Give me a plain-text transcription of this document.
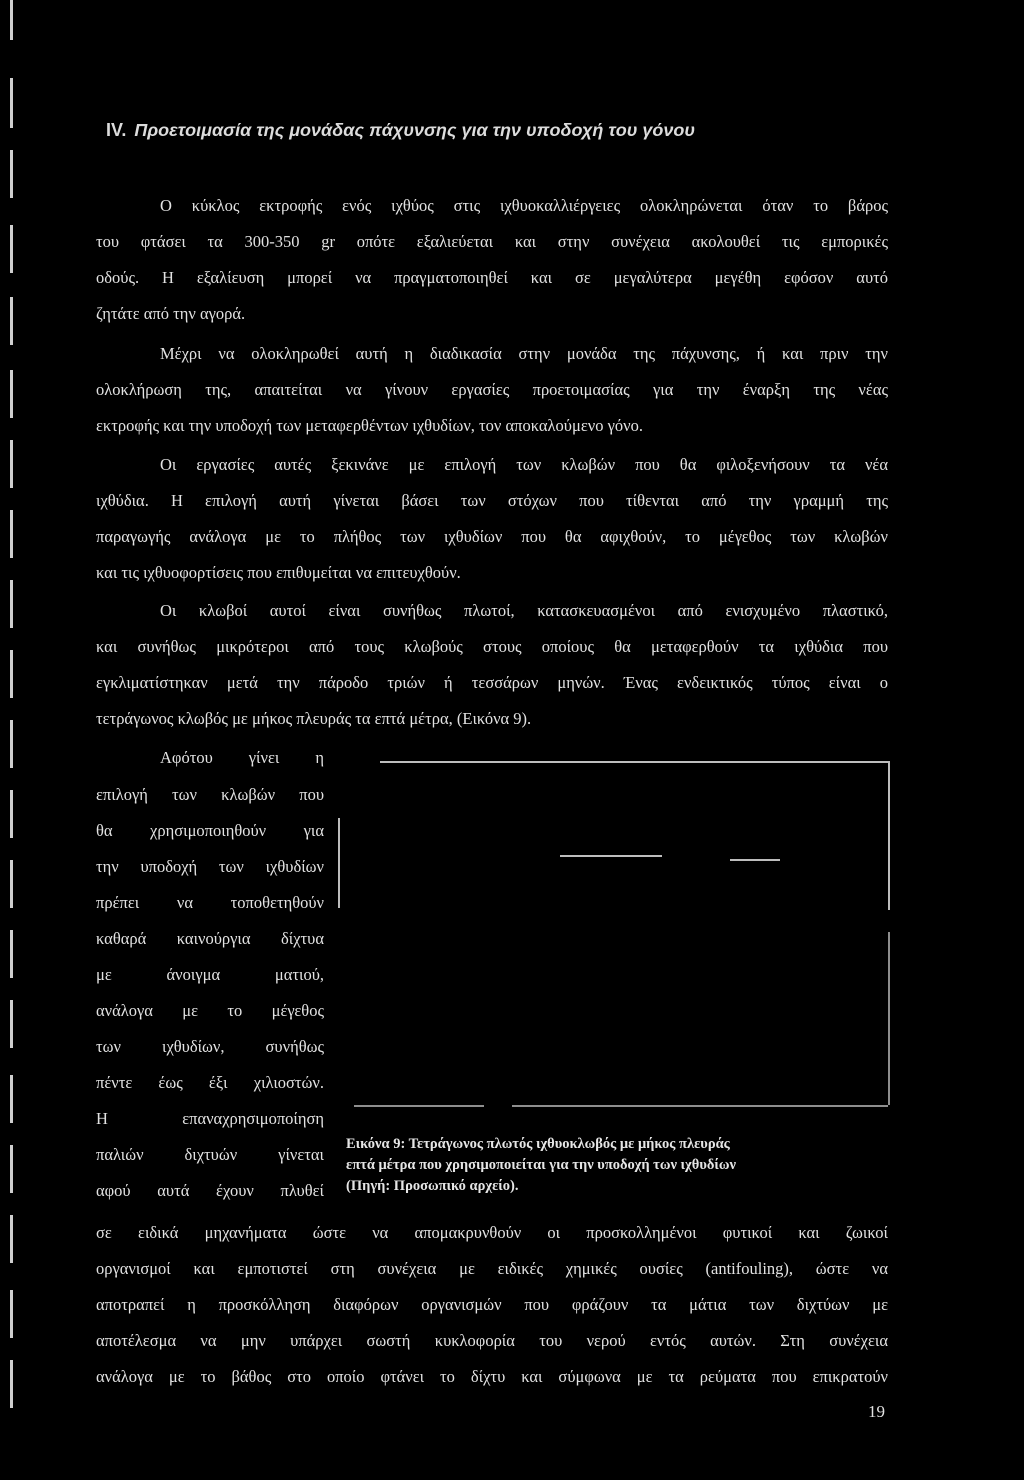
IV. Προετοιμασία της μονάδας πάχυνσης για την υποδοχή του γόνου
Ο κύκλος εκτροφής ενός ιχθύος στις ιχθυοκαλλιέργειες ολοκληρώνεται όταν το βάρος
του φτάσει τα 300-350 gr οπότε εξαλιεύεται και στην συνέχεια ακολουθεί τις εμπορικές
οδούς. Η εξαλίευση μπορεί να πραγματοποιηθεί και σε μεγαλύτερα μεγέθη εφόσον αυτό
ζητάτε από την αγορά.
Μέχρι να ολοκληρωθεί αυτή η διαδικασία στην μονάδα της πάχυνσης, ή και πριν την
ολοκλήρωση της, απαιτείται να γίνουν εργασίες προετοιμασίας για την έναρξη της νέας
εκτροφής και την υποδοχή των μεταφερθέντων ιχθυδίων, τον αποκαλούμενο γόνο.
Οι εργασίες αυτές ξεκινάνε με επιλογή των κλωβών που θα φιλοξενήσουν τα νέα
ιχθύδια. Η επιλογή αυτή γίνεται βάσει των στόχων που τίθενται από την γραμμή της
παραγωγής ανάλογα με το πλήθος των ιχθυδίων που θα αφιχθούν, το μέγεθος των κλωβών
και τις ιχθυοφορτίσεις που επιθυμείται να επιτευχθούν.
Οι κλωβοί αυτοί είναι συνήθως πλωτοί, κατασκευασμένοι από ενισχυμένο πλαστικό,
και συνήθως μικρότεροι από τους κλωβούς στους οποίους θα μεταφερθούν τα ιχθύδια που
εγκλιματίστηκαν μετά την πάροδο τριών ή τεσσάρων μηνών. Ένας ενδεικτικός τύπος είναι ο
τετράγωνος κλωβός με μήκος πλευράς τα επτά μέτρα, (Εικόνα 9).
Αφότου γίνει η
επιλογή των κλωβών που
θα χρησιμοποιηθούν για
την υποδοχή των ιχθυδίων
πρέπει να τοποθετηθούν
καθαρά καινούργια δίχτυα
με άνοιγμα ματιού,
ανάλογα με το μέγεθος
των ιχθυδίων, συνήθως
πέντε έως έξι χιλιοστών.
Η επαναχρησιμοποίηση
παλιών διχτυών γίνεται
αφού αυτά έχουν πλυθεί
Εικόνα 9: Τετράγωνος πλωτός ιχθυοκλωβός με μήκος πλευράς
επτά μέτρα που χρησιμοποιείται για την υποδοχή των ιχθυδίων
(Πηγή: Προσωπικό αρχείο).
σε ειδικά μηχανήματα ώστε να απομακρυνθούν οι προσκολλημένοι φυτικοί και ζωικοί
οργανισμοί και εμποτιστεί στη συνέχεια με ειδικές χημικές ουσίες (antifouling), ώστε να
αποτραπεί η προσκόλληση διαφόρων οργανισμών που φράζουν τα μάτια των διχτύων με
αποτέλεσμα να μην υπάρχει σωστή κυκλοφορία του νερού εντός αυτών. Στη συνέχεια
ανάλογα με το βάθος στο οποίο φτάνει το δίχτυ και σύμφωνα με τα ρεύματα που επικρατούν
19
